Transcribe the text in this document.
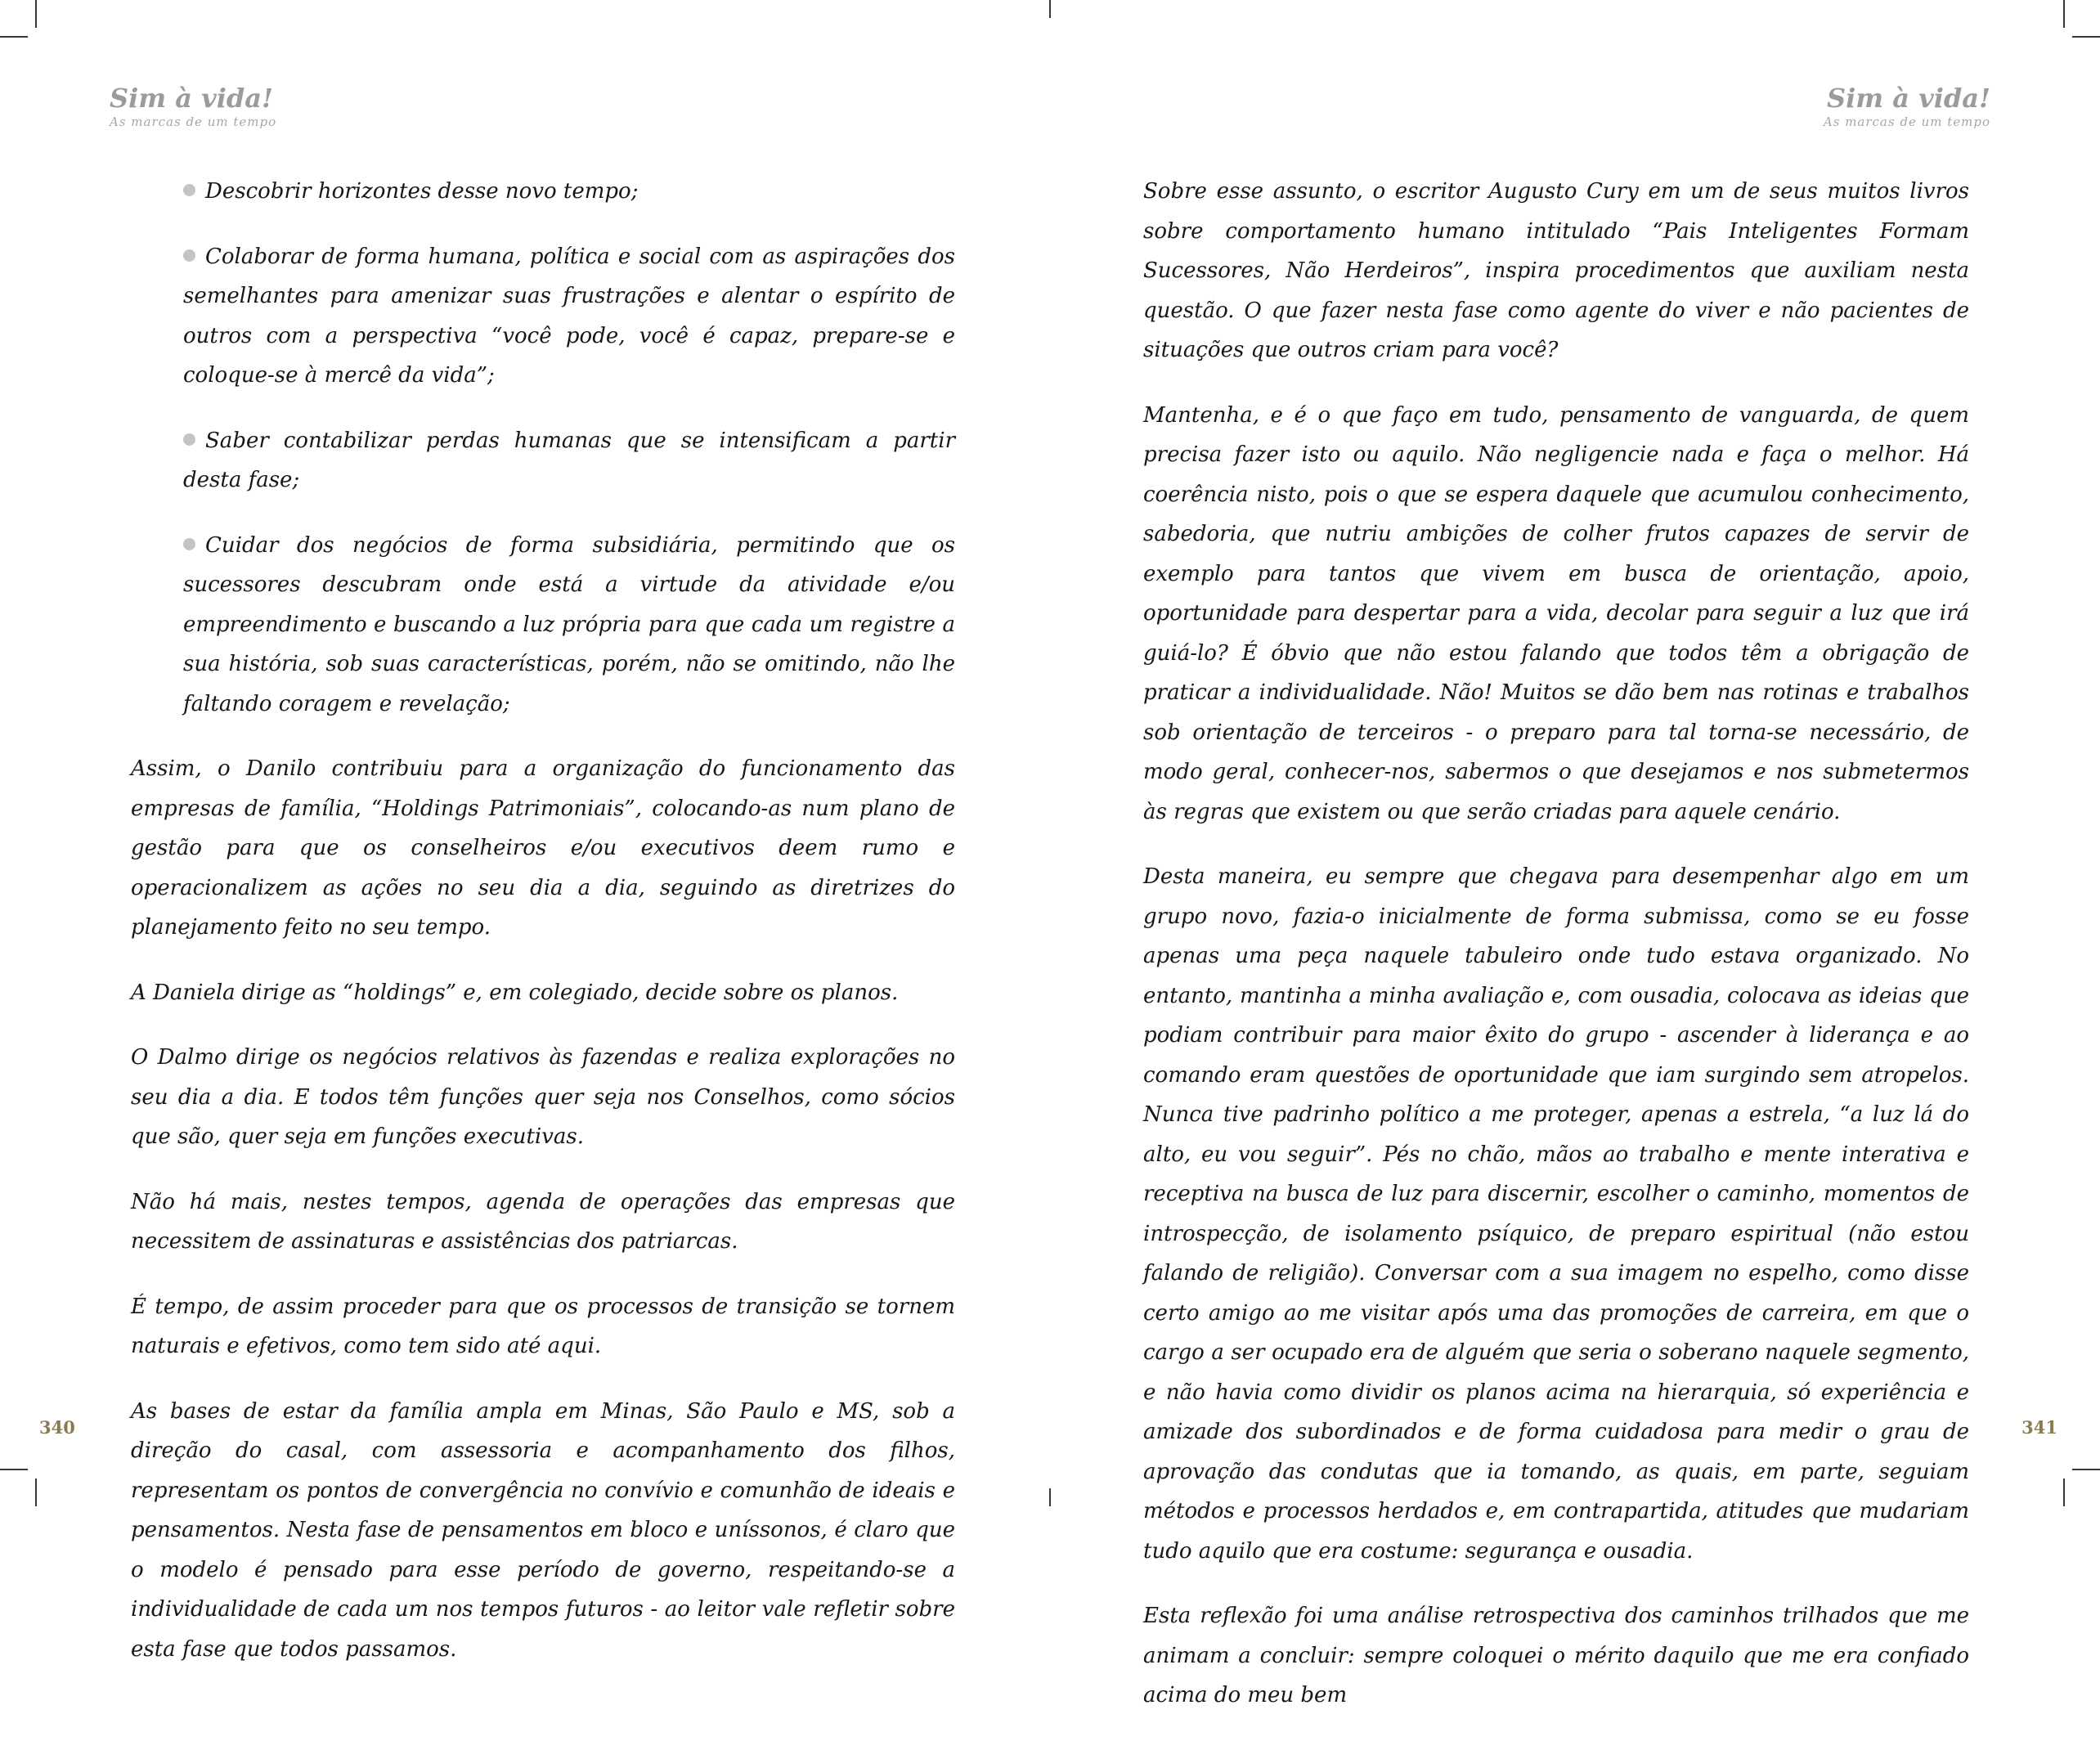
Sim à vida!
As marcas de um tempo
Descobrir horizontes desse novo tempo;
Colaborar de forma humana, política e social com as aspirações dos semelhantes para amenizar suas frustrações e alentar o espírito de outros com a perspectiva “você pode, você é capaz, prepare-se e coloque-se à mercê da vida”;
Saber contabilizar perdas humanas que se intensificam a partir desta fase;
Cuidar dos negócios de forma subsidiária, permitindo que os sucessores descubram onde está a virtude da atividade e/ou empreendimento e buscando a luz própria para que cada um registre a sua história, sob suas características, porém, não se omitindo, não lhe faltando coragem e revelação;

Assim, o Danilo contribuiu para a organização do funcionamento das empresas de família, “Holdings Patrimoniais”, colocando-as num plano de gestão para que os conselheiros e/ou executivos deem rumo e operacionalizem as ações no seu dia a dia, seguindo as diretrizes do planejamento feito no seu tempo.

A Daniela dirige as “holdings” e, em colegiado, decide sobre os planos.

O Dalmo dirige os negócios relativos às fazendas e realiza explorações no seu dia a dia. E todos têm funções quer seja nos Conselhos, como sócios que são, quer seja em funções executivas.

Não há mais, nestes tempos, agenda de operações das empresas que necessitem de assinaturas e assistências dos patriarcas.

É tempo, de assim proceder para que os processos de transição se tornem naturais e efetivos, como tem sido até aqui.

As bases de estar da família ampla em Minas, São Paulo e MS, sob a direção do casal, com assessoria e acompanhamento dos filhos, representam os pontos de convergência no convívio e comunhão de ideais e pensamentos. Nesta fase de pensamentos em bloco e uníssonos, é claro que o modelo é pensado para esse período de governo, respeitando-se a individualidade de cada um nos tempos futuros - ao leitor vale refletir sobre esta fase que todos passamos.

340
Sim à vida!
As marcas de um tempo

Sobre esse assunto, o escritor Augusto Cury em um de seus muitos livros sobre comportamento humano intitulado “Pais Inteligentes Formam Sucessores, Não Herdeiros”, inspira procedimentos que auxiliam nesta questão. O que fazer nesta fase como agente do viver e não pacientes de situações que outros criam para você?

Mantenha, e é o que faço em tudo, pensamento de vanguarda, de quem precisa fazer isto ou aquilo. Não negligencie nada e faça o melhor. Há coerência nisto, pois o que se espera daquele que acumulou conhecimento, sabedoria, que nutriu ambições de colher frutos capazes de servir de exemplo para tantos que vivem em busca de orientação, apoio, oportunidade para despertar para a vida, decolar para seguir a luz que irá guiá-lo? É óbvio que não estou falando que todos têm a obrigação de praticar a individualidade. Não! Muitos se dão bem nas rotinas e trabalhos sob orientação de terceiros - o preparo para tal torna-se necessário, de modo geral, conhecer-nos, sabermos o que desejamos e nos submetermos às regras que existem ou que serão criadas para aquele cenário.

Desta maneira, eu sempre que chegava para desempenhar algo em um grupo novo, fazia-o inicialmente de forma submissa, como se eu fosse apenas uma peça naquele tabuleiro onde tudo estava organizado. No entanto, mantinha a minha avaliação e, com ousadia, colocava as ideias que podiam contribuir para maior êxito do grupo - ascender à liderança e ao comando eram questões de oportunidade que iam surgindo sem atropelos. Nunca tive padrinho político a me proteger, apenas a estrela, “a luz lá do alto, eu vou seguir”. Pés no chão, mãos ao trabalho e mente interativa e receptiva na busca de luz para discernir, escolher o caminho, momentos de introspecção, de isolamento psíquico, de preparo espiritual (não estou falando de religião). Conversar com a sua imagem no espelho, como disse certo amigo ao me visitar após uma das promoções de carreira, em que o cargo a ser ocupado era de alguém que seria o soberano naquele segmento, e não havia como dividir os planos acima na hierarquia, só experiência e amizade dos subordinados e de forma cuidadosa para medir o grau de aprovação das condutas que ia tomando, as quais, em parte, seguiam métodos e processos herdados e, em contrapartida, atitudes que mudariam tudo aquilo que era costume: segurança e ousadia.

Esta reflexão foi uma análise retrospectiva dos caminhos trilhados que me animam a concluir: sempre coloquei o mérito daquilo que me era confiado acima do meu bem

341
